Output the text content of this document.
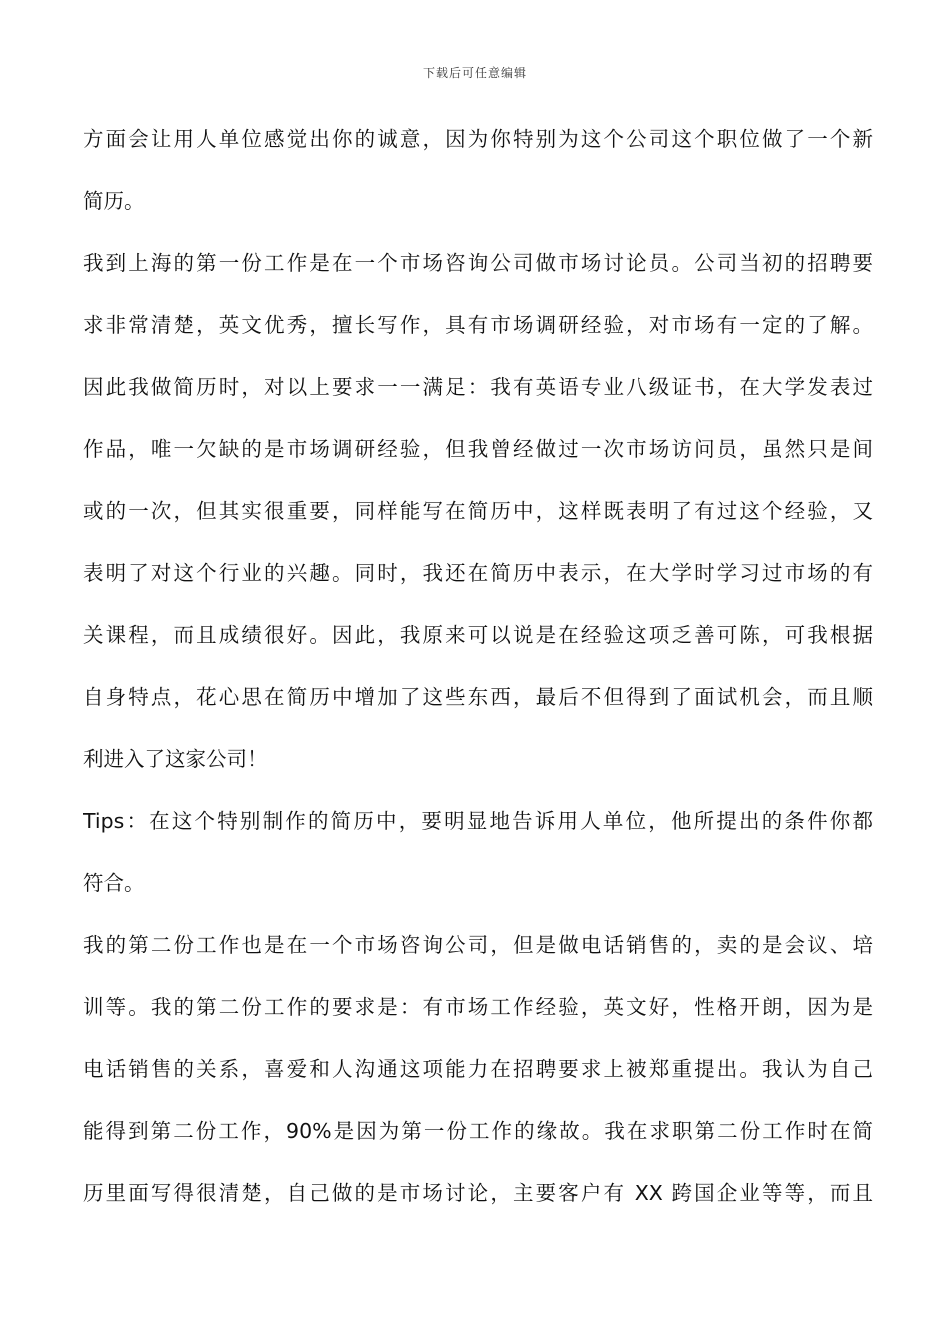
下载后可任意编辑
方面会让用人单位感觉出你的诚意，因为你特别为这个公司这个职位做了一个新
简历。
我到上海的第一份工作是在一个市场咨询公司做市场讨论员。公司当初的招聘要
求非常清楚，英文优秀，擅长写作，具有市场调研经验，对市场有一定的了解。
因此我做简历时，对以上要求一一满足：我有英语专业八级证书，在大学发表过
作品，唯一欠缺的是市场调研经验，但我曾经做过一次市场访问员，虽然只是间
或的一次，但其实很重要，同样能写在简历中，这样既表明了有过这个经验，又
表明了对这个行业的兴趣。同时，我还在简历中表示，在大学时学习过市场的有
关课程，而且成绩很好。因此，我原来可以说是在经验这项乏善可陈，可我根据
自身特点，花心思在简历中增加了这些东西，最后不但得到了面试机会，而且顺
利进入了这家公司！
Tips：在这个特别制作的简历中，要明显地告诉用人单位，他所提出的条件你都
符合。
我的第二份工作也是在一个市场咨询公司，但是做电话销售的，卖的是会议、培
训等。我的第二份工作的要求是：有市场工作经验，英文好，性格开朗，因为是
电话销售的关系，喜爱和人沟通这项能力在招聘要求上被郑重提出。我认为自己
能得到第二份工作，90%是因为第一份工作的缘故。我在求职第二份工作时在简
历里面写得很清楚，自己做的是市场讨论，主要客户有 XX 跨国企业等等，而且
